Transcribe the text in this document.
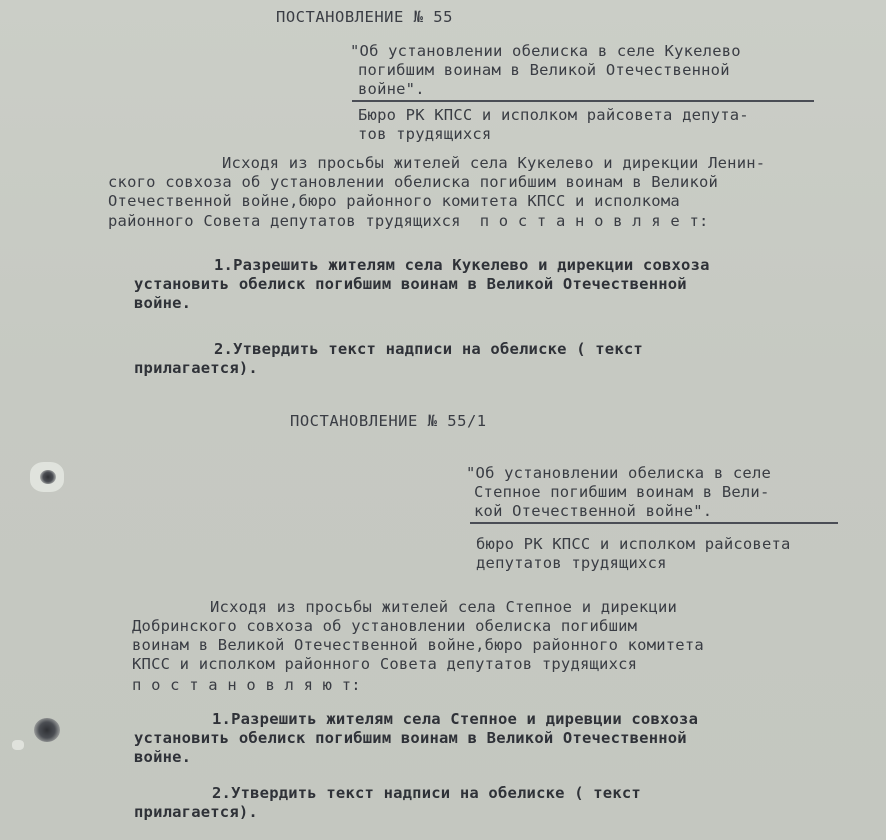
ПОСТАНОВЛЕНИЕ № 55
"Об установлении обелиска в селе Кукелево
погибшим воинам в Великой Отечественной
войне".
Бюро РК КПСС и исполком райсовета депута-
тов трудящихся
Исходя из просьбы жителей села Кукелево и дирекции Ленин-
ского совхоза об установлении обелиска погибшим воинам в Великой
Отечественной войне,бюро районного комитета КПСС и исполкома
районного Совета депутатов трудящихся  п о с т а н о в л я е т:
1.Разрешить жителям села Кукелево и дирекции совхоза
установить обелиск погибшим воинам в Великой Отечественной
войне.
2.Утвердить текст надписи на обелиске ( текст
прилагается).
ПОСТАНОВЛЕНИЕ № 55/1
"Об установлении обелиска в селе
Степное погибшим воинам в Вели-
кой Отечественной войне".
бюро РК КПСС и исполком райсовета
депутатов трудящихся
Исходя из просьбы жителей села Степное и дирекции
Добринского совхоза об установлении обелиска погибшим
воинам в Великой Отечественной войне,бюро районного комитета
КПСС и исполком районного Совета депутатов трудящихся
п о с т а н о в л я ю т:
1.Разрешить жителям села Степное и диревции совхоза
установить обелиск погибшим воинам в Великой Отечественной
войне.
2.Утвердить текст надписи на обелиске ( текст
прилагается).
